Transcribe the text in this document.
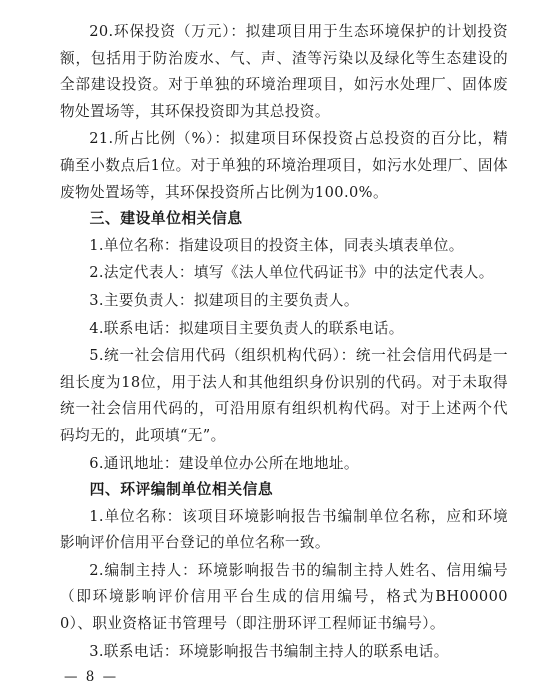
20.环保投资（万元）：拟建项目用于生态环境保护的计划投资额，包括用于防治废水、气、声、渣等污染以及绿化等生态建设的全部建设投资。对于单独的环境治理项目，如污水处理厂、固体废物处置场等，其环保投资即为其总投资。

21.所占比例（%）：拟建项目环保投资占总投资的百分比，精确至小数点后1位。对于单独的环境治理项目，如污水处理厂、固体废物处置场等，其环保投资所占比例为100.0%。

三、建设单位相关信息

1.单位名称：指建设项目的投资主体，同表头填表单位。

2.法定代表人：填写《法人单位代码证书》中的法定代表人。

3.主要负责人：拟建项目的主要负责人。

4.联系电话：拟建项目主要负责人的联系电话。

5.统一社会信用代码（组织机构代码）：统一社会信用代码是一组长度为18位，用于法人和其他组织身份识别的代码。对于未取得统一社会信用代码的，可沿用原有组织机构代码。对于上述两个代码均无的，此项填“无”。

6.通讯地址：建设单位办公所在地地址。

四、环评编制单位相关信息

1.单位名称：该项目环境影响报告书编制单位名称，应和环境影响评价信用平台登记的单位名称一致。

2.编制主持人：环境影响报告书的编制主持人姓名、信用编号（即环境影响评价信用平台生成的信用编号，格式为BH000000）、职业资格证书管理号（即注册环评工程师证书编号）。

3.联系电话：环境影响报告书编制主持人的联系电话。

— 8 —
